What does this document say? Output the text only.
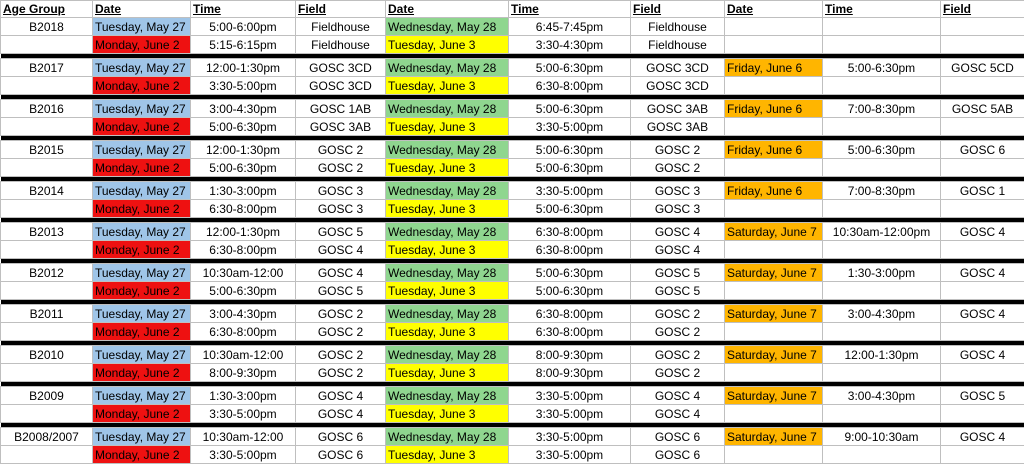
Age Group	Date	Time	Field	Date	Time	Field	Date	Time	Field
B2018	Tuesday, May 27	5:00-6:00pm	Fieldhouse	Wednesday, May 28	6:45-7:45pm	Fieldhouse			
	Monday, June 2	5:15-6:15pm	Fieldhouse	Tuesday, June 3	3:30-4:30pm	Fieldhouse			

B2017	Tuesday, May 27	12:00-1:30pm	GOSC 3CD	Wednesday, May 28	5:00-6:30pm	GOSC 3CD	Friday, June 6	5:00-6:30pm	GOSC 5CD
	Monday, June 2	3:30-5:00pm	GOSC 3CD	Tuesday, June 3	6:30-8:00pm	GOSC 3CD			

B2016	Tuesday, May 27	3:00-4:30pm	GOSC 1AB	Wednesday, May 28	5:00-6:30pm	GOSC 3AB	Friday, June 6	7:00-8:30pm	GOSC 5AB
	Monday, June 2	5:00-6:30pm	GOSC 3AB	Tuesday, June 3	3:30-5:00pm	GOSC 3AB			

B2015	Tuesday, May 27	12:00-1:30pm	GOSC 2	Wednesday, May 28	5:00-6:30pm	GOSC 2	Friday, June 6	5:00-6:30pm	GOSC 6
	Monday, June 2	5:00-6:30pm	GOSC 2	Tuesday, June 3	5:00-6:30pm	GOSC 2			

B2014	Tuesday, May 27	1:30-3:00pm	GOSC 3	Wednesday, May 28	3:30-5:00pm	GOSC 3	Friday, June 6	7:00-8:30pm	GOSC 1
	Monday, June 2	6:30-8:00pm	GOSC 3	Tuesday, June 3	5:00-6:30pm	GOSC 3			

B2013	Tuesday, May 27	12:00-1:30pm	GOSC 5	Wednesday, May 28	6:30-8:00pm	GOSC 4	Saturday, June 7	10:30am-12:00pm	GOSC 4
	Monday, June 2	6:30-8:00pm	GOSC 4	Tuesday, June 3	6:30-8:00pm	GOSC 4			

B2012	Tuesday, May 27	10:30am-12:00	GOSC 4	Wednesday, May 28	5:00-6:30pm	GOSC 5	Saturday, June 7	1:30-3:00pm	GOSC 4
	Monday, June 2	5:00-6:30pm	GOSC 5	Tuesday, June 3	5:00-6:30pm	GOSC 5			

B2011	Tuesday, May 27	3:00-4:30pm	GOSC 2	Wednesday, May 28	6:30-8:00pm	GOSC 2	Saturday, June 7	3:00-4:30pm	GOSC 4
	Monday, June 2	6:30-8:00pm	GOSC 2	Tuesday, June 3	6:30-8:00pm	GOSC 2			

B2010	Tuesday, May 27	10:30am-12:00	GOSC 2	Wednesday, May 28	8:00-9:30pm	GOSC 2	Saturday, June 7	12:00-1:30pm	GOSC 4
	Monday, June 2	8:00-9:30pm	GOSC 2	Tuesday, June 3	8:00-9:30pm	GOSC 2			

B2009	Tuesday, May 27	1:30-3:00pm	GOSC 4	Wednesday, May 28	3:30-5:00pm	GOSC 4	Saturday, June 7	3:00-4:30pm	GOSC 5
	Monday, June 2	3:30-5:00pm	GOSC 4	Tuesday, June 3	3:30-5:00pm	GOSC 4			

B2008/2007	Tuesday, May 27	10:30am-12:00	GOSC 6	Wednesday, May 28	3:30-5:00pm	GOSC 6	Saturday, June 7	9:00-10:30am	GOSC 4
	Monday, June 2	3:30-5:00pm	GOSC 6	Tuesday, June 3	3:30-5:00pm	GOSC 6			
